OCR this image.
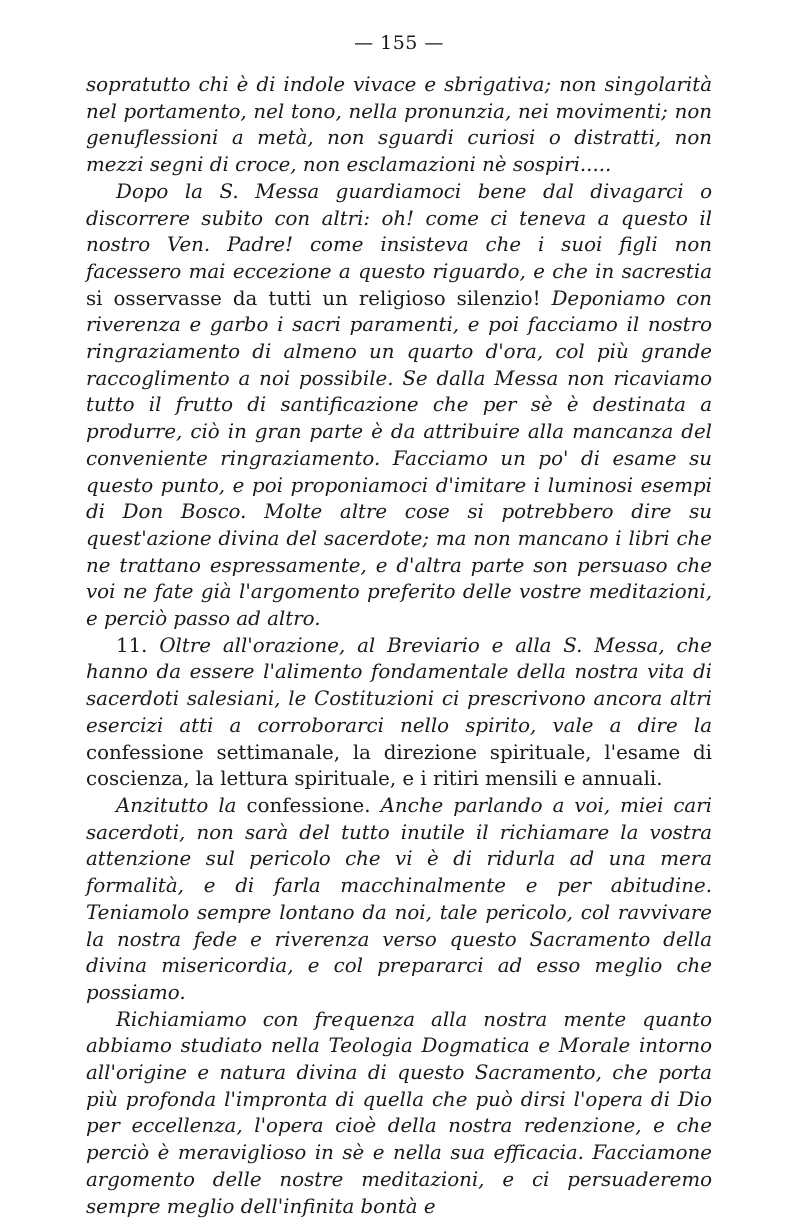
— 155 —

sopratutto chi è di indole vivace e sbrigativa; non singolarità nel portamento, nel tono, nella pronunzia, nei movimenti; non genuflessioni a metà, non sguardi curiosi o distratti, non mezzi segni di croce, non esclamazioni nè sospiri.....

Dopo la S. Messa guardiamoci bene dal divagarci o discorrere subito con altri: oh! come ci teneva a questo il nostro Ven. Padre! come insisteva che i suoi figli non facessero mai eccezione a questo riguardo, e che in sacrestia si osservasse da tutti un religioso silenzio! Deponiamo con riverenza e garbo i sacri paramenti, e poi facciamo il nostro ringraziamento di almeno un quarto d'ora, col più grande raccoglimento a noi possibile. Se dalla Messa non ricaviamo tutto il frutto di santificazione che per sè è destinata a produrre, ciò in gran parte è da attribuire alla mancanza del conveniente ringraziamento. Facciamo un po' di esame su questo punto, e poi proponiamoci d'imitare i luminosi esempi di Don Bosco. Molte altre cose si potrebbero dire su quest'azione divina del sacerdote; ma non mancano i libri che ne trattano espressamente, e d'altra parte son persuaso che voi ne fate già l'argomento preferito delle vostre meditazioni, e perciò passo ad altro.

11. Oltre all'orazione, al Breviario e alla S. Messa, che hanno da essere l'alimento fondamentale della nostra vita di sacerdoti salesiani, le Costituzioni ci prescrivono ancora altri esercizi atti a corroborarci nello spirito, vale a dire la confessione settimanale, la direzione spirituale, l'esame di coscienza, la lettura spirituale, e i ritiri mensili e annuali.

Anzitutto la confessione. Anche parlando a voi, miei cari sacerdoti, non sarà del tutto inutile il richiamare la vostra attenzione sul pericolo che vi è di ridurla ad una mera formalità, e di farla macchinalmente e per abitudine. Teniamolo sempre lontano da noi, tale pericolo, col ravvivare la nostra fede e riverenza verso questo Sacramento della divina misericordia, e col prepararci ad esso meglio che possiamo.

Richiamiamo con frequenza alla nostra mente quanto abbiamo studiato nella Teologia Dogmatica e Morale intorno all'origine e natura divina di questo Sacramento, che porta più profonda l'impronta di quella che può dirsi l'opera di Dio per eccellenza, l'opera cioè della nostra redenzione, e che perciò è meraviglioso in sè e nella sua efficacia. Facciamone argomento delle nostre meditazioni, e ci persuaderemo sempre meglio dell'infinita bontà e
